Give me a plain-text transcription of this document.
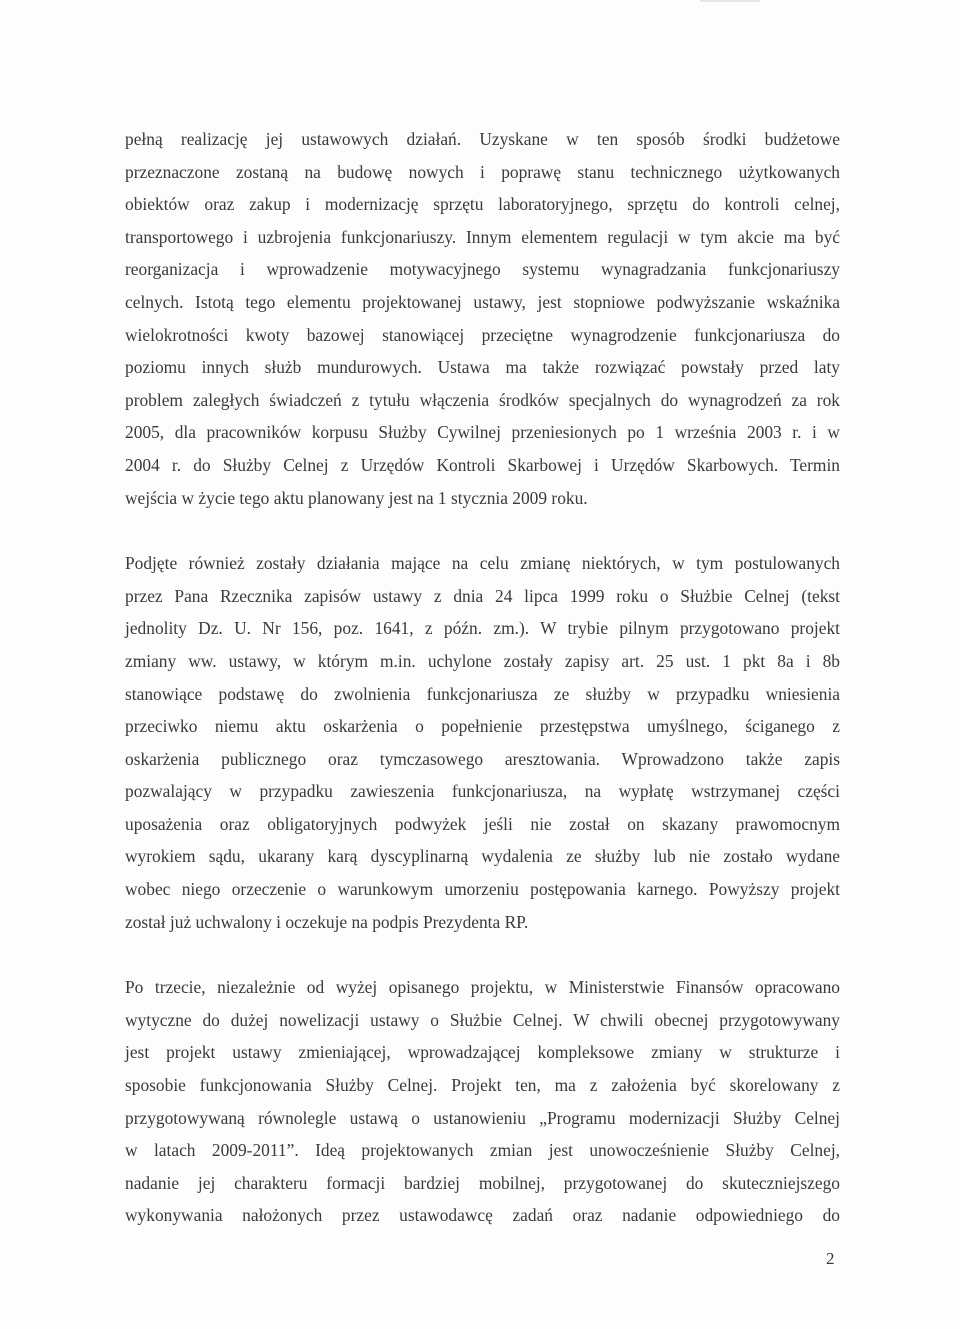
pełną realizację jej ustawowych działań. Uzyskane w ten sposób środki budżetowe
przeznaczone zostaną na budowę nowych i poprawę stanu technicznego użytkowanych
obiektów oraz zakup i modernizację sprzętu laboratoryjnego, sprzętu do kontroli celnej,
transportowego i uzbrojenia funkcjonariuszy. Innym elementem regulacji w tym akcie ma być
reorganizacja i wprowadzenie motywacyjnego systemu wynagradzania funkcjonariuszy
celnych. Istotą tego elementu projektowanej ustawy, jest stopniowe podwyższanie wskaźnika
wielokrotności kwoty bazowej stanowiącej przeciętne wynagrodzenie funkcjonariusza do
poziomu innych służb mundurowych. Ustawa ma także rozwiązać powstały przed laty
problem zaległych świadczeń z tytułu włączenia środków specjalnych do wynagrodzeń za rok
2005, dla pracowników korpusu Służby Cywilnej przeniesionych po 1 września 2003 r. i w
2004 r. do Służby Celnej z Urzędów Kontroli Skarbowej i Urzędów Skarbowych. Termin
wejścia w życie tego aktu planowany jest na 1 stycznia 2009 roku.

Podjęte również zostały działania mające na celu zmianę niektórych, w tym postulowanych
przez Pana Rzecznika zapisów ustawy z dnia 24 lipca 1999 roku o Służbie Celnej (tekst
jednolity Dz. U. Nr 156, poz. 1641, z późn. zm.). W trybie pilnym przygotowano projekt
zmiany ww. ustawy, w którym m.in. uchylone zostały zapisy art. 25 ust. 1 pkt 8a i 8b
stanowiące podstawę do zwolnienia funkcjonariusza ze służby w przypadku wniesienia
przeciwko niemu aktu oskarżenia o popełnienie przestępstwa umyślnego, ściganego z
oskarżenia publicznego oraz tymczasowego aresztowania. Wprowadzono także zapis
pozwalający w przypadku zawieszenia funkcjonariusza, na wypłatę wstrzymanej części
uposażenia oraz obligatoryjnych podwyżek jeśli nie został on skazany prawomocnym
wyrokiem sądu, ukarany karą dyscyplinarną wydalenia ze służby lub nie zostało wydane
wobec niego orzeczenie o warunkowym umorzeniu postępowania karnego. Powyższy projekt
został już uchwalony i oczekuje na podpis Prezydenta RP.

Po trzecie, niezależnie od wyżej opisanego projektu, w Ministerstwie Finansów opracowano
wytyczne do dużej nowelizacji ustawy o Służbie Celnej. W chwili obecnej przygotowywany
jest projekt ustawy zmieniającej, wprowadzającej kompleksowe zmiany w strukturze i
sposobie funkcjonowania Służby Celnej. Projekt ten, ma z założenia być skorelowany z
przygotowywaną równolegle ustawą o ustanowieniu „Programu modernizacji Służby Celnej
w latach 2009-2011”. Ideą projektowanych zmian jest unowocześnienie Służby Celnej,
nadanie jej charakteru formacji bardziej mobilnej, przygotowanej do skuteczniejszego
wykonywania nałożonych przez ustawodawcę zadań oraz nadanie odpowiedniego do

2
